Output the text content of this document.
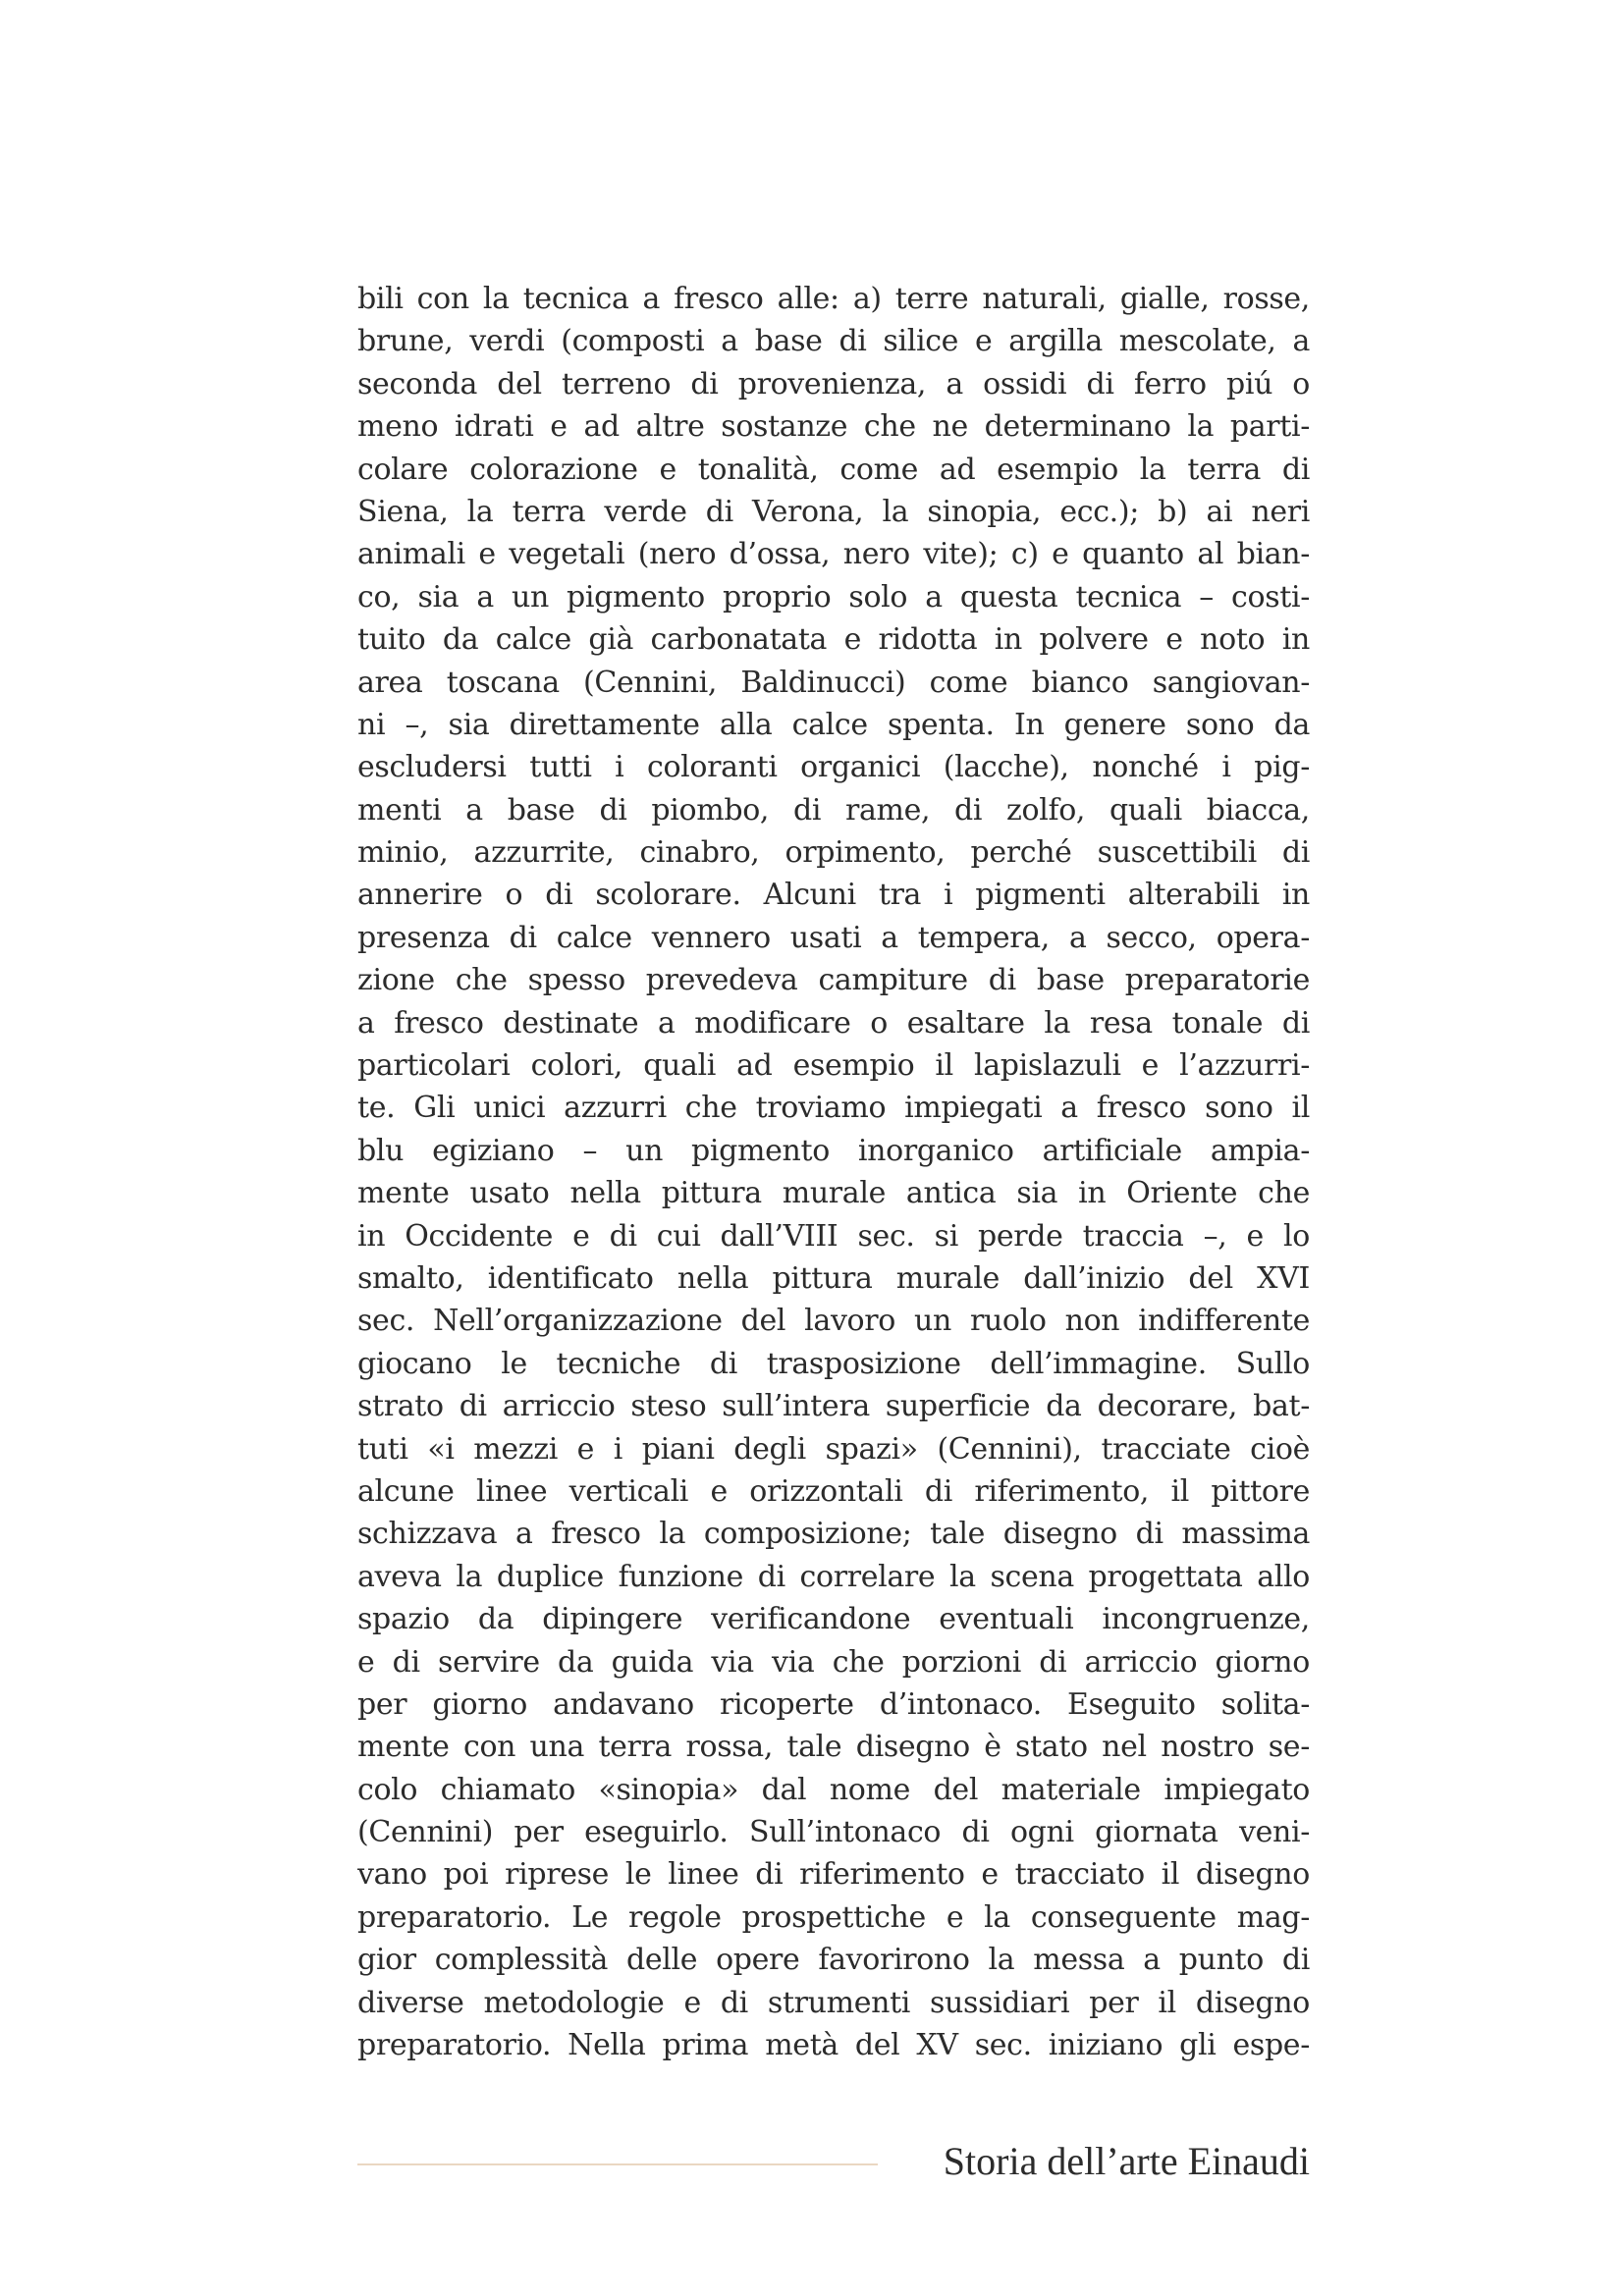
bili con la tecnica a fresco alle: a) terre naturali, gialle, rosse,
brune, verdi (composti a base di silice e argilla mescolate, a
seconda del terreno di provenienza, a ossidi di ferro piú o
meno idrati e ad altre sostanze che ne determinano la parti-
colare colorazione e tonalità, come ad esempio la terra di
Siena, la terra verde di Verona, la sinopia, ecc.); b) ai neri
animali e vegetali (nero d’ossa, nero vite); c) e quanto al bian-
co, sia a un pigmento proprio solo a questa tecnica – costi-
tuito da calce già carbonatata e ridotta in polvere e noto in
area toscana (Cennini, Baldinucci) come bianco sangiovan-
ni –, sia direttamente alla calce spenta. In genere sono da
escludersi tutti i coloranti organici (lacche), nonché i pig-
menti a base di piombo, di rame, di zolfo, quali biacca,
minio, azzurrite, cinabro, orpimento, perché suscettibili di
annerire o di scolorare. Alcuni tra i pigmenti alterabili in
presenza di calce vennero usati a tempera, a secco, opera-
zione che spesso prevedeva campiture di base preparatorie
a fresco destinate a modificare o esaltare la resa tonale di
particolari colori, quali ad esempio il lapislazuli e l’azzurri-
te. Gli unici azzurri che troviamo impiegati a fresco sono il
blu egiziano – un pigmento inorganico artificiale ampia-
mente usato nella pittura murale antica sia in Oriente che
in Occidente e di cui dall’VIII sec. si perde traccia –, e lo
smalto, identificato nella pittura murale dall’inizio del XVI
sec. Nell’organizzazione del lavoro un ruolo non indifferente
giocano le tecniche di trasposizione dell’immagine. Sullo
strato di arriccio steso sull’intera superficie da decorare, bat-
tuti «i mezzi e i piani degli spazi» (Cennini), tracciate cioè
alcune linee verticali e orizzontali di riferimento, il pittore
schizzava a fresco la composizione; tale disegno di massima
aveva la duplice funzione di correlare la scena progettata allo
spazio da dipingere verificandone eventuali incongruenze,
e di servire da guida via via che porzioni di arriccio giorno
per giorno andavano ricoperte d’intonaco. Eseguito solita-
mente con una terra rossa, tale disegno è stato nel nostro se-
colo chiamato «sinopia» dal nome del materiale impiegato
(Cennini) per eseguirlo. Sull’intonaco di ogni giornata veni-
vano poi riprese le linee di riferimento e tracciato il disegno
preparatorio. Le regole prospettiche e la conseguente mag-
gior complessità delle opere favorirono la messa a punto di
diverse metodologie e di strumenti sussidiari per il disegno
preparatorio. Nella prima metà del XV sec. iniziano gli espe-
Storia dell’arte Einaudi
